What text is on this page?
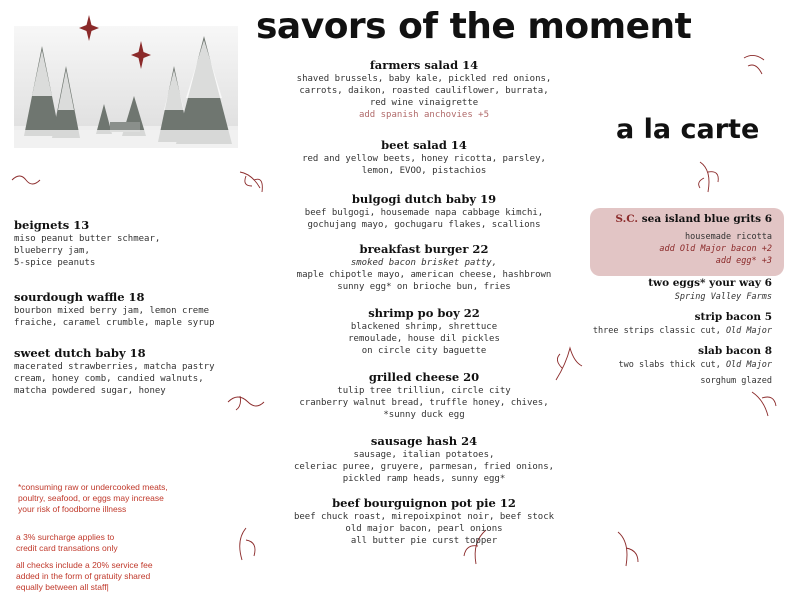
savors of the moment
a la carte
farmers salad 14
shaved brussels, baby kale, pickled red onions,
carrots, daikon, roasted cauliflower, burrata,
red wine vinaigrette
add spanish anchovies +5
beet salad 14
red and yellow beets, honey ricotta, parsley,
lemon, EVOO, pistachios
bulgogi dutch baby 19
beef bulgogi, housemade napa cabbage kimchi,
gochujang mayo, gochugaru flakes, scallions
breakfast burger 22
smoked bacon brisket patty,
maple chipotle mayo, american cheese, hashbrown
sunny egg* on brioche bun, fries
shrimp po boy 22
blackened shrimp, shrettuce
remoulade, house dil pickles
on circle city baguette
grilled cheese 20
tulip tree trilliun, circle city
cranberry walnut bread, truffle honey, chives,
*sunny duck egg
sausage hash 24
sausage, italian potatoes,
celeriac puree, gruyere, parmesan, fried onions,
pickled ramp heads, sunny egg*
beef bourguignon pot pie 12
beef chuck roast, mirepoixpinot noir, beef stock
old major bacon, pearl onions
all butter pie curst topper
beignets 13
miso peanut butter schmear,
blueberry jam,
5-spice peanuts
sourdough waffle 18
bourbon mixed berry jam, lemon creme
fraiche, caramel crumble, maple syrup
sweet dutch baby 18
macerated strawberries, matcha pastry
cream, honey comb, candied walnuts,
matcha powdered sugar, honey
S.C. sea island blue grits 6
housemade ricotta
add Old Major bacon +2
add egg* +3
two eggs* your way 6
Spring Valley Farms
strip bacon 5
three strips classic cut, Old Major
slab bacon 8
two slabs thick cut, Old Major
sorghum glazed
*consuming raw or undercooked meats,
poultry, seafood, or eggs may increase
your risk of foodborne illness
a 3% surcharge applies to
credit card transations only
all checks include a 20% service fee
added in the form of gratuity shared
equally between all staff|
